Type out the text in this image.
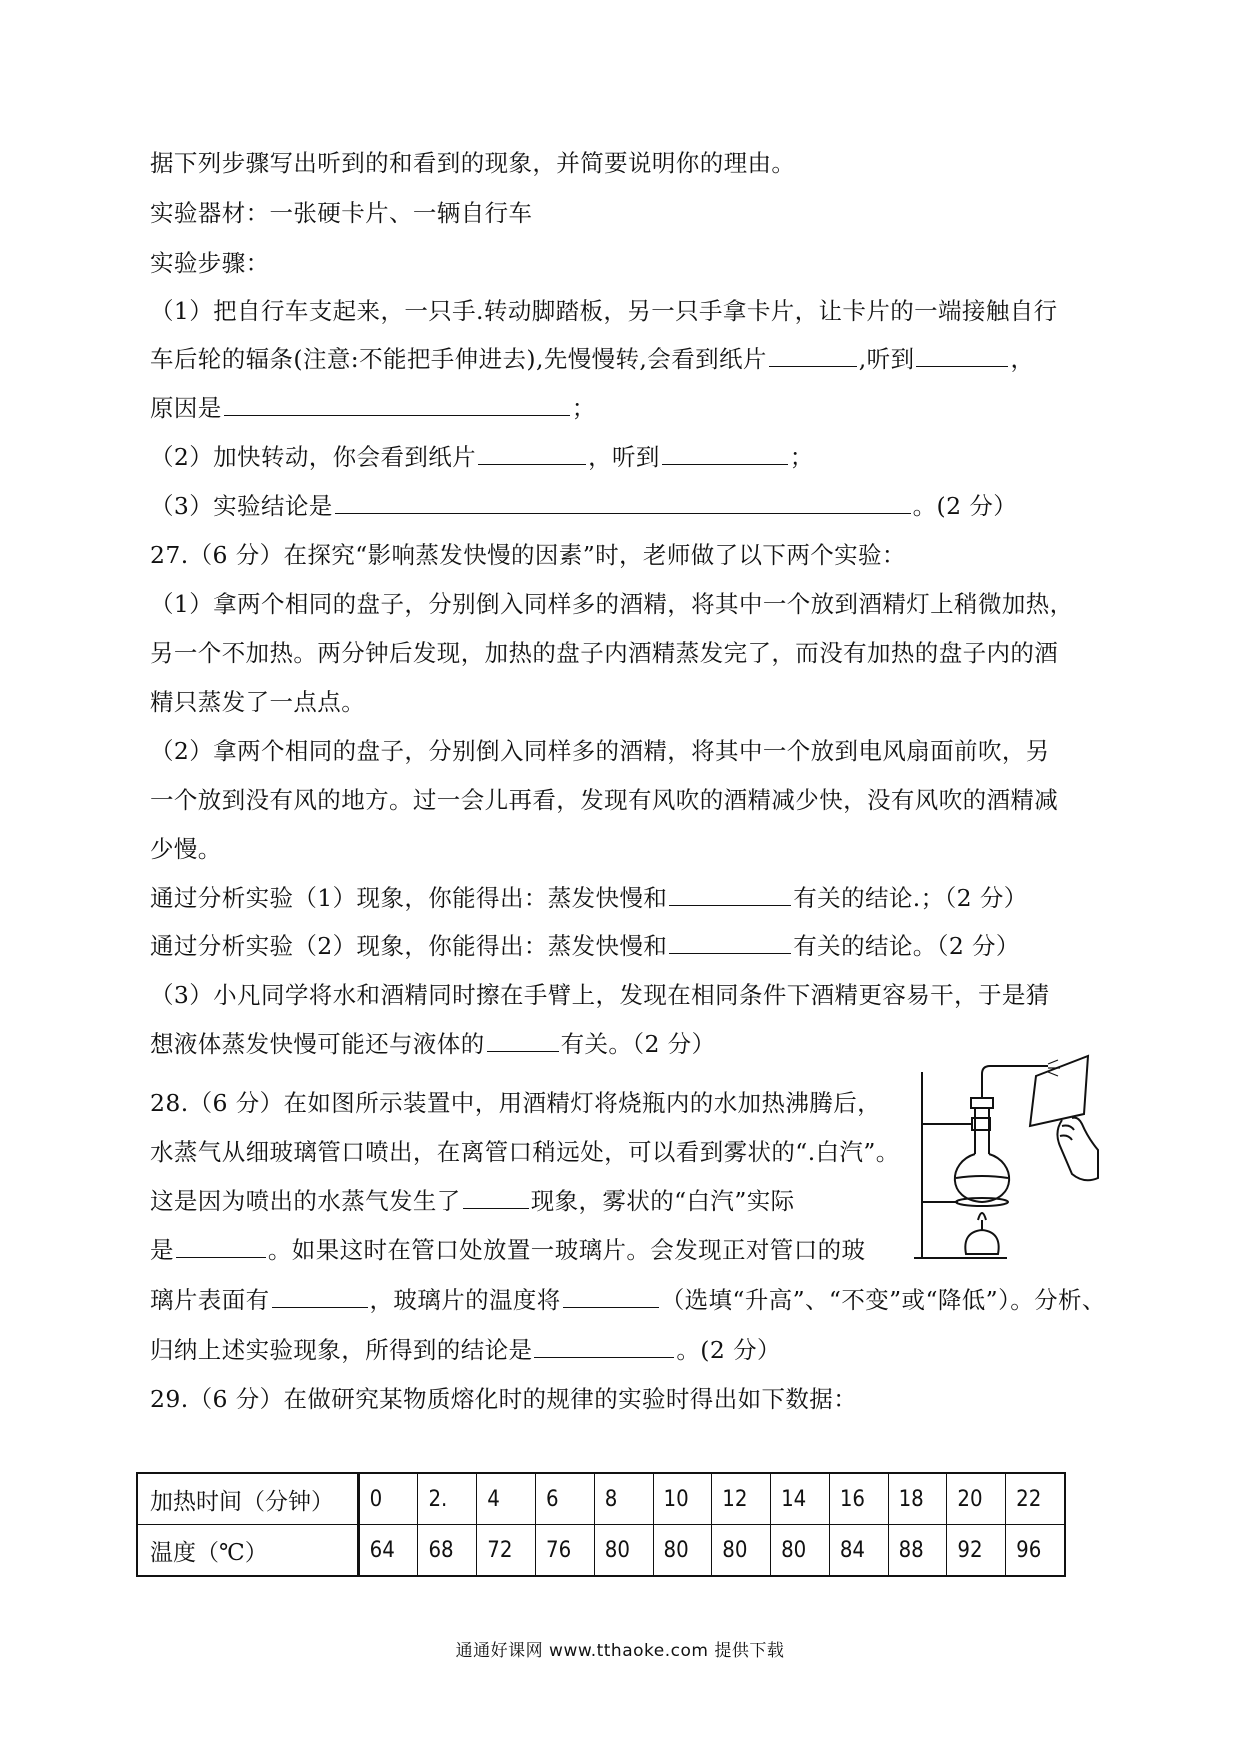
据下列步骤写出听到的和看到的现象，并简要说明你的理由。
实验器材：一张硬卡片、一辆自行车
实验步骤：
（1）把自行车支起来，一只手.转动脚踏板，另一只手拿卡片，让卡片的一端接触自行
车后轮的辐条(注意:不能把手伸进去),先慢慢转,会看到纸片	,听到	，
原因是	；
（2）加快转动，你会看到纸片	，听到	；
（3）实验结论是	。(2 分）
27.（6 分）在探究“影响蒸发快慢的因素”时，老师做了以下两个实验：
（1）拿两个相同的盘子，分别倒入同样多的酒精，将其中一个放到酒精灯上稍微加热，
另一个不加热。两分钟后发现，加热的盘子内酒精蒸发完了，而没有加热的盘子内的酒
精只蒸发了一点点。
（2）拿两个相同的盘子，分别倒入同样多的酒精，将其中一个放到电风扇面前吹，另
一个放到没有风的地方。过一会儿再看，发现有风吹的酒精减少快，没有风吹的酒精减
少慢。
通过分析实验（1）现象，你能得出：蒸发快慢和	有关的结论.；（2 分）
通过分析实验（2）现象，你能得出：蒸发快慢和	有关的结论。（2 分）
（3）小凡同学将水和酒精同时擦在手臂上，发现在相同条件下酒精更容易干，于是猜
想液体蒸发快慢可能还与液体的	有关。（2 分）
28.（6 分）在如图所示装置中，用酒精灯将烧瓶内的水加热沸腾后，
水蒸气从细玻璃管口喷出，在离管口稍远处，可以看到雾状的“.白汽”。
这是因为喷出的水蒸气发生了	现象，雾状的“白汽”实际
是	。如果这时在管口处放置一玻璃片。会发现正对管口的玻
璃片表面有	，玻璃片的温度将	（选填“升高”、“不变”或“降低”）。分析、
归纳上述实验现象，所得到的结论是	。(2 分）
29.（6 分）在做研究某物质熔化时的规律的实验时得出如下数据：
加热时间（分钟）	0	2.	4	6	8	10	12	14	16	18	20	22
温度（℃）	64	68	72	76	80	80	80	80	84	88	92	96
通通好课网 www.tthaoke.com 提供下载
